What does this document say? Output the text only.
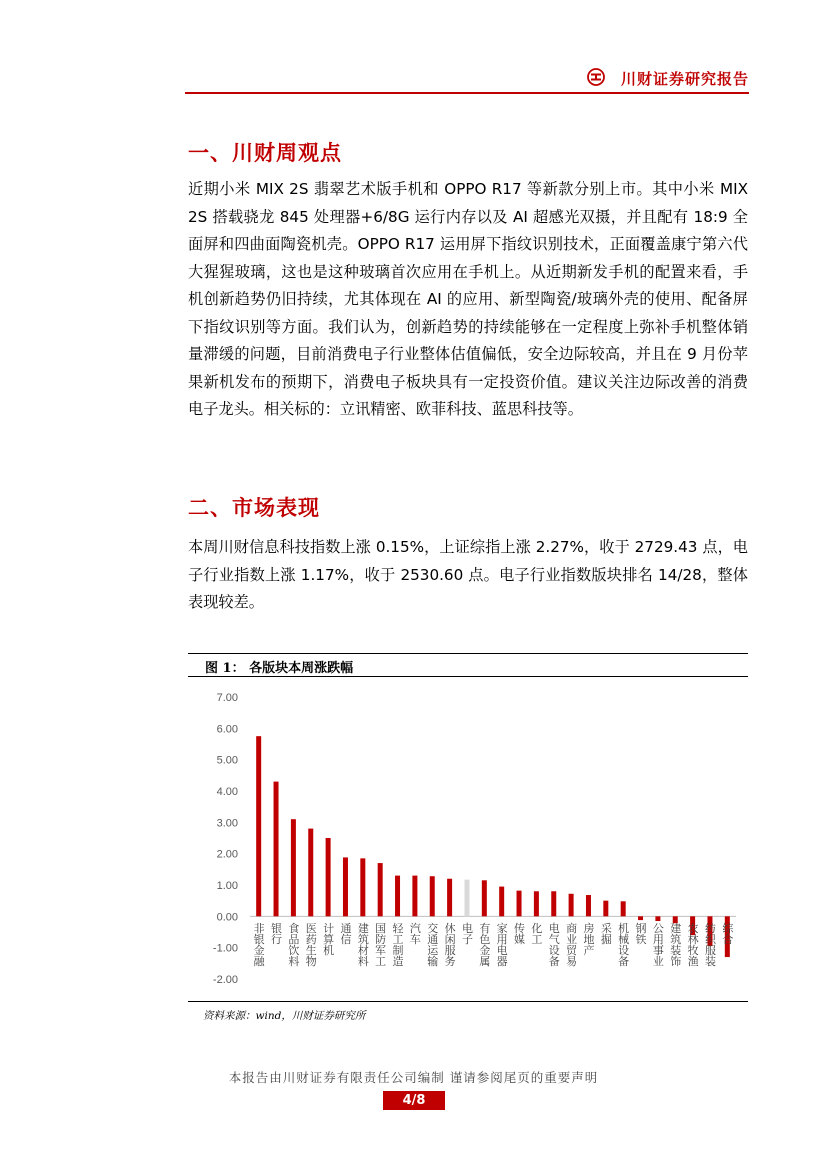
川财证券研究报告
一、川财周观点
近期小米 MIX 2S 翡翠艺术版手机和 OPPO R17 等新款分别上市。其中小米 MIX 2S 搭载骁龙 845 处理器+6/8G 运行内存以及 AI 超感光双摄，并且配有 18:9 全面屏和四曲面陶瓷机壳。OPPO R17 运用屏下指纹识别技术，正面覆盖康宁第六代大猩猩玻璃，这也是这种玻璃首次应用在手机上。从近期新发手机的配置来看，手机创新趋势仍旧持续，尤其体现在 AI 的应用、新型陶瓷/玻璃外壳的使用、配备屏下指纹识别等方面。我们认为，创新趋势的持续能够在一定程度上弥补手机整体销量滞缓的问题，目前消费电子行业整体估值偏低，安全边际较高，并且在 9 月份苹果新机发布的预期下，消费电子板块具有一定投资价值。建议关注边际改善的消费电子龙头。相关标的：立讯精密、欧菲科技、蓝思科技等。
二、市场表现
本周川财信息科技指数上涨 0.15%，上证综指上涨 2.27%，收于 2729.43 点，电子行业指数上涨 1.17%，收于 2530.60 点。电子行业指数版块排名 14/28，整体表现较差。
图 1： 各版块本周涨跌幅
7.00
6.00
5.00
4.00
3.00
2.00
1.00
0.00
-1.00
-2.00
非银金融 银行 食品饮料 医药生物 计算机 通信 建筑材料 国防军工 轻工制造 汽车 交通运输 休闲服务 电子 有色金属 家用电器 传媒 化工 电气设备 商业贸易 房地产 采掘 机械设备 钢铁 公用事业 建筑装饰 农林牧渔 纺织服装 综合
资料来源：wind，川财证券研究所
本报告由川财证券有限责任公司编制 谨请参阅尾页的重要声明
4/8
